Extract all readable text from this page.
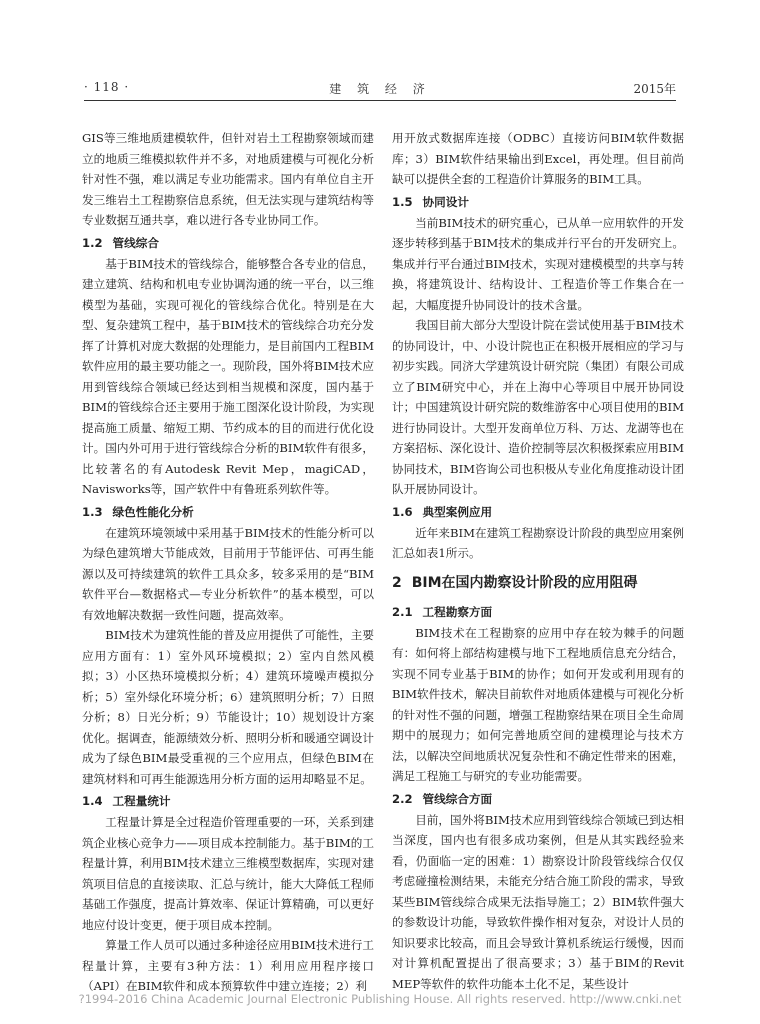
· 118 ·	建 筑 经 济	2015年

GIS等三维地质建模软件，但针对岩土工程勘察领域而建立的地质三维模拟软件并不多，对地质建模与可视化分析针对性不强，难以满足专业功能需求。国内有单位自主开发三维岩土工程勘察信息系统，但无法实现与建筑结构等专业数据互通共享，难以进行各专业协同工作。

1.2 管线综合

基于BIM技术的管线综合，能够整合各专业的信息，建立建筑、结构和机电专业协调沟通的统一平台，以三维模型为基础，实现可视化的管线综合优化。特别是在大型、复杂建筑工程中，基于BIM技术的管线综合功充分发挥了计算机对庞大数据的处理能力，是目前国内工程BIM软件应用的最主要功能之一。现阶段，国外将BIM技术应用到管线综合领域已经达到相当规模和深度，国内基于BIM的管线综合还主要用于施工图深化设计阶段，为实现提高施工质量、缩短工期、节约成本的目的而进行优化设计。国内外可用于进行管线综合分析的BIM软件有很多，比较著名的有Autodesk Revit Mep，magiCAD，Navisworks等，国产软件中有鲁班系列软件等。

1.3 绿色性能化分析

在建筑环境领域中采用基于BIM技术的性能分析可以为绿色建筑增大节能成效，目前用于节能评估、可再生能源以及可持续建筑的软件工具众多，较多采用的是“BIM软件平台—数据格式—专业分析软件”的基本模型，可以有效地解决数据一致性问题，提高效率。

BIM技术为建筑性能的普及应用提供了可能性，主要应用方面有：1）室外风环境模拟；2）室内自然风模拟；3）小区热环境模拟分析；4）建筑环境噪声模拟分析；5）室外绿化环境分析；6）建筑照明分析；7）日照分析；8）日光分析；9）节能设计；10）规划设计方案优化。据调查，能源绩效分析、照明分析和暖通空调设计成为了绿色BIM最受重视的三个应用点，但绿色BIM在建筑材料和可再生能源选用分析方面的运用却略显不足。

1.4 工程量统计

工程量计算是全过程造价管理重要的一环，关系到建筑企业核心竞争力——项目成本控制能力。基于BIM的工程量计算，利用BIM技术建立三维模型数据库，实现对建筑项目信息的直接读取、汇总与统计，能大大降低工程师基础工作强度，提高计算效率、保证计算精确，可以更好地应付设计变更，便于项目成本控制。

算量工作人员可以通过多种途径应用BIM技术进行工程量计算，主要有3种方法：1）利用应用程序接口（API）在BIM软件和成本预算软件中建立连接；2）利

用开放式数据库连接（ODBC）直接访问BIM软件数据库；3）BIM软件结果输出到Excel，再处理。但目前尚缺可以提供全套的工程造价计算服务的BIM工具。

1.5 协同设计

当前BIM技术的研究重心，已从单一应用软件的开发逐步转移到基于BIM技术的集成并行平台的开发研究上。集成并行平台通过BIM技术，实现对建模模型的共享与转换，将建筑设计、结构设计、工程造价等工作集合在一起，大幅度提升协同设计的技术含量。

我国目前大部分大型设计院在尝试使用基于BIM技术的协同设计，中、小设计院也正在积极开展相应的学习与初步实践。同济大学建筑设计研究院（集团）有限公司成立了BIM研究中心，并在上海中心等项目中展开协同设计；中国建筑设计研究院的数维游客中心项目使用的BIM进行协同设计。大型开发商单位万科、万达、龙湖等也在方案招标、深化设计、造价控制等层次积极探索应用BIM协同技术，BIM咨询公司也积极从专业化角度推动设计团队开展协同设计。

1.6 典型案例应用

近年来BIM在建筑工程勘察设计阶段的典型应用案例汇总如表1所示。

2 BIM在国内勘察设计阶段的应用阻碍
2.1 工程勘察方面

BIM技术在工程勘察的应用中存在较为棘手的问题有：如何将上部结构建模与地下工程地质信息充分结合，实现不同专业基于BIM的协作；如何开发或利用现有的BIM软件技术，解决目前软件对地质体建模与可视化分析的针对性不强的问题，增强工程勘察结果在项目全生命周期中的展现力；如何完善地质空间的建模理论与技术方法，以解决空间地质状况复杂性和不确定性带来的困难，满足工程施工与研究的专业功能需要。

2.2 管线综合方面

目前，国外将BIM技术应用到管线综合领域已到达相当深度，国内也有很多成功案例，但是从其实践经验来看，仍面临一定的困难：1）勘察设计阶段管线综合仅仅考虑碰撞检测结果，未能充分结合施工阶段的需求，导致某些BIM管线综合成果无法指导施工；2）BIM软件强大的参数设计功能，导致软件操作相对复杂，对设计人员的知识要求比较高，而且会导致计算机系统运行缓慢，因而对计算机配置提出了很高要求；3）基于BIM的Revit MEP等软件的软件功能本土化不足，某些设计

?1994-2016 China Academic Journal Electronic Publishing House. All rights reserved. http://www.cnki.net
